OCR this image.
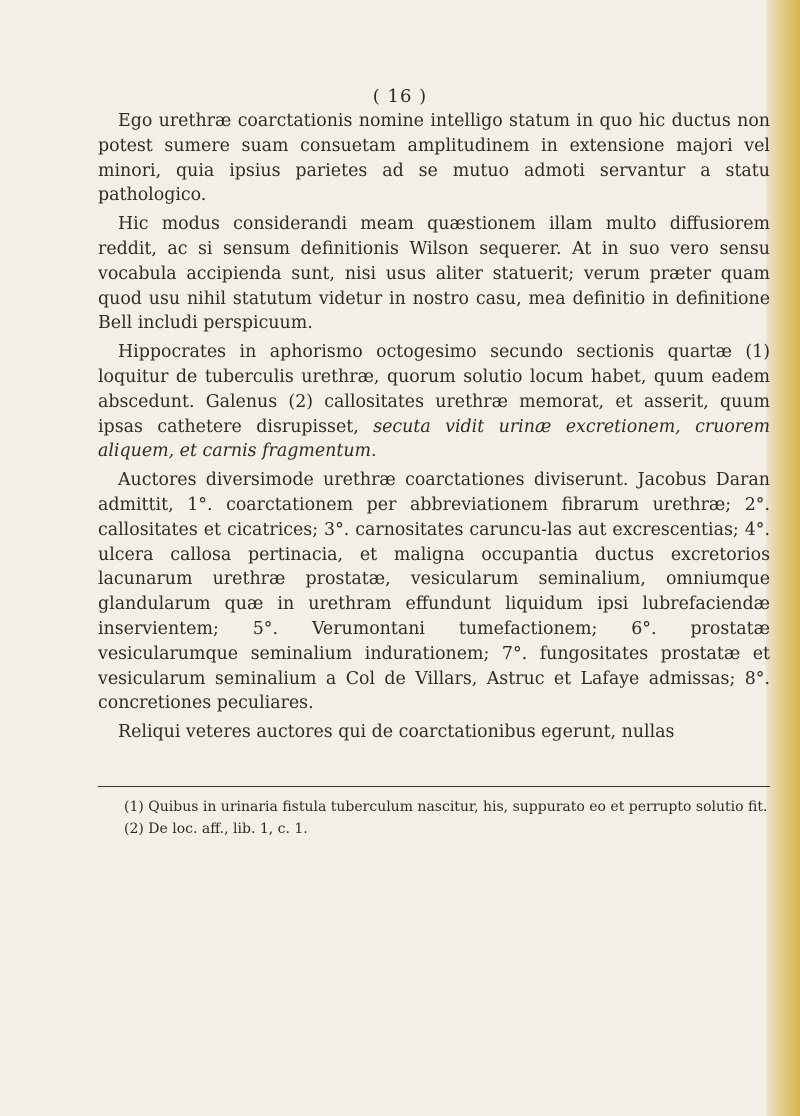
( 16 )

Ego urethræ coarctationis nomine intelligo statum in quo hic ductus non potest sumere suam consuetam amplitudinem in extensione majori vel minori, quia ipsius parietes ad se mutuo admoti servantur a statu pathologico.

Hic modus considerandi meam quæstionem illam multo diffusiorem reddit, ac si sensum definitionis Wilson sequerer. At in suo vero sensu vocabula accipienda sunt, nisi usus aliter statuerit; verum præter quam quod usu nihil statutum videtur in nostro casu, mea definitio in definitione Bell includi perspicuum.

Hippocrates in aphorismo octogesimo secundo sectionis quartæ (1) loquitur de tuberculis urethræ, quorum solutio locum habet, quum eadem abscedunt. Galenus (2) callositates urethræ memorat, et asserit, quum ipsas cathetere disrupisset, secuta vidit urinæ excretionem, cruorem aliquem, et carnis fragmentum.

Auctores diversimode urethræ coarctationes diviserunt. Jacobus Daran admittit, 1°. coarctationem per abbreviationem fibrarum urethræ; 2°. callositates et cicatrices; 3°. carnositates caruncu-las aut excrescentias; 4°. ulcera callosa pertinacia, et maligna occupantia ductus excretorios lacunarum urethræ prostatæ, vesicularum seminalium, omniumque glandularum quæ in urethram effundunt liquidum ipsi lubrefaciendæ inservientem; 5°. Verumontani tumefactionem; 6°. prostatæ vesicularumque seminalium indurationem; 7°. fungositates prostatæ et vesicularum seminalium a Col de Villars, Astruc et Lafaye admissas; 8°. concretiones peculiares.

Reliqui veteres auctores qui de coarctationibus egerunt, nullas

(1) Quibus in urinaria fistula tuberculum nascitur, his, suppurato eo et perrupto solutio fit.

(2) De loc. aff., lib. 1, c. 1.
